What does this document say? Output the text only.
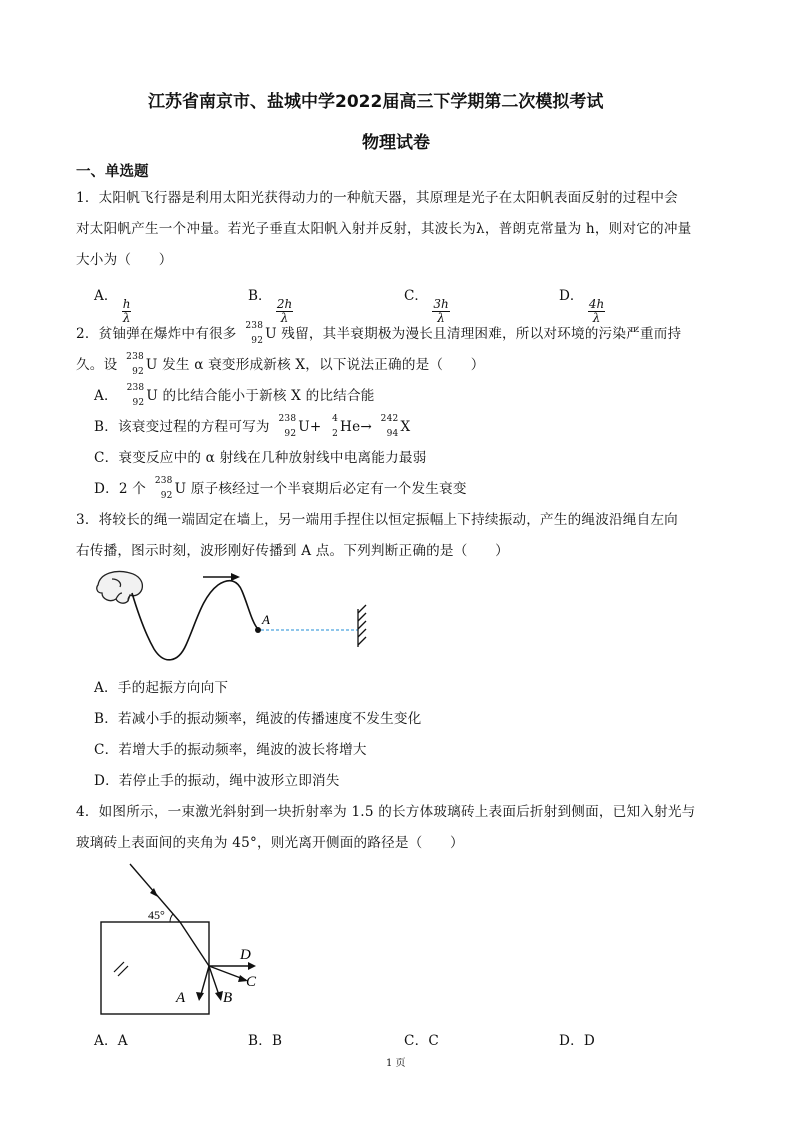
江苏省南京市、盐城中学2022届高三下学期第二次模拟考试
物理试卷
一、单选题
1．太阳帆飞行器是利用太阳光获得动力的一种航天器，其原理是光子在太阳帆表面反射的过程中会
对太阳帆产生一个冲量。若光子垂直太阳帆入射并反射，其波长为λ，普朗克常量为 h，则对它的冲量
大小为（　　）
A．
$\frac{h}{\lambda}$
B．
$\frac{2h}{\lambda}$
C．
$\frac{3h}{\lambda}$
D．
$\frac{4h}{\lambda}$
2．贫铀弹在爆炸中有很多 238
92 U 残留，其半衰期极为漫长且清理困难，所以对环境的污染严重而持
久。设 238
92 U 发生 α 衰变形成新核 X，以下说法正确的是（　　）
A． 238
92 U 的比结合能小于新核 X 的比结合能
B．该衰变过程的方程可写为 238
92 U+ 4
2 He→ 242
94 X
C．衰变反应中的 α 射线在几种放射线中电离能力最弱
D．2 个 238
92 U 原子核经过一个半衰期后必定有一个发生衰变
3．将较长的绳一端固定在墙上，另一端用手捏住以恒定振幅上下持续振动，产生的绳波沿绳自左向
右传播，图示时刻，波形刚好传播到 A 点。下列判断正确的是（　　）
A
A．手的起振方向向下
B．若减小手的振动频率，绳波的传播速度不发生变化
C．若增大手的振动频率，绳波的波长将增大
D．若停止手的振动，绳中波形立即消失
4．如图所示，一束激光斜射到一块折射率为 1.5 的长方体玻璃砖上表面后折射到侧面，已知入射光与
玻璃砖上表面间的夹角为 45°，则光离开侧面的路径是（　　）
45°
D
C
B
A
A．A	B．B	C．C	D．D
1 页
